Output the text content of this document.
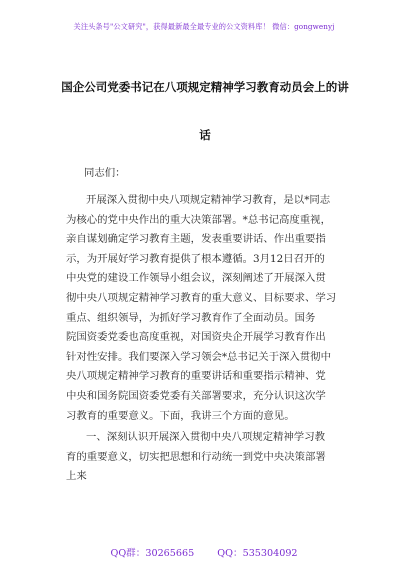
关注头条号"公文研究"，获得最新最全最专业的公文资料库！ 微信：gongwenyj
国企公司党委书记在八项规定精神学习教育动员会上的讲
话
同志们：
开展深入贯彻中央八项规定精神学习教育，是以*同志
为核心的党中央作出的重大决策部署。*总书记高度重视，
亲自谋划确定学习教育主题，发表重要讲话、作出重要指
示，为开展好学习教育提供了根本遵循。3月12日召开的
中央党的建设工作领导小组会议，深刻阐述了开展深入贯
彻中央八项规定精神学习教育的重大意义、目标要求、学习
重点、组织领导，为抓好学习教育作了全面动员。国务
院国资委党委也高度重视，对国资央企开展学习教育作出
针对性安排。我们要深入学习领会*总书记关于深入贯彻中
央八项规定精神学习教育的重要讲话和重要指示精神、党
中央和国务院国资委党委有关部署要求，充分认识这次学
习教育的重要意义。下面，我讲三个方面的意见。
一、深刻认识开展深入贯彻中央八项规定精神学习教
育的重要意义，切实把思想和行动统一到党中央决策部署
上来
QQ群：30265665 QQ：535304092
